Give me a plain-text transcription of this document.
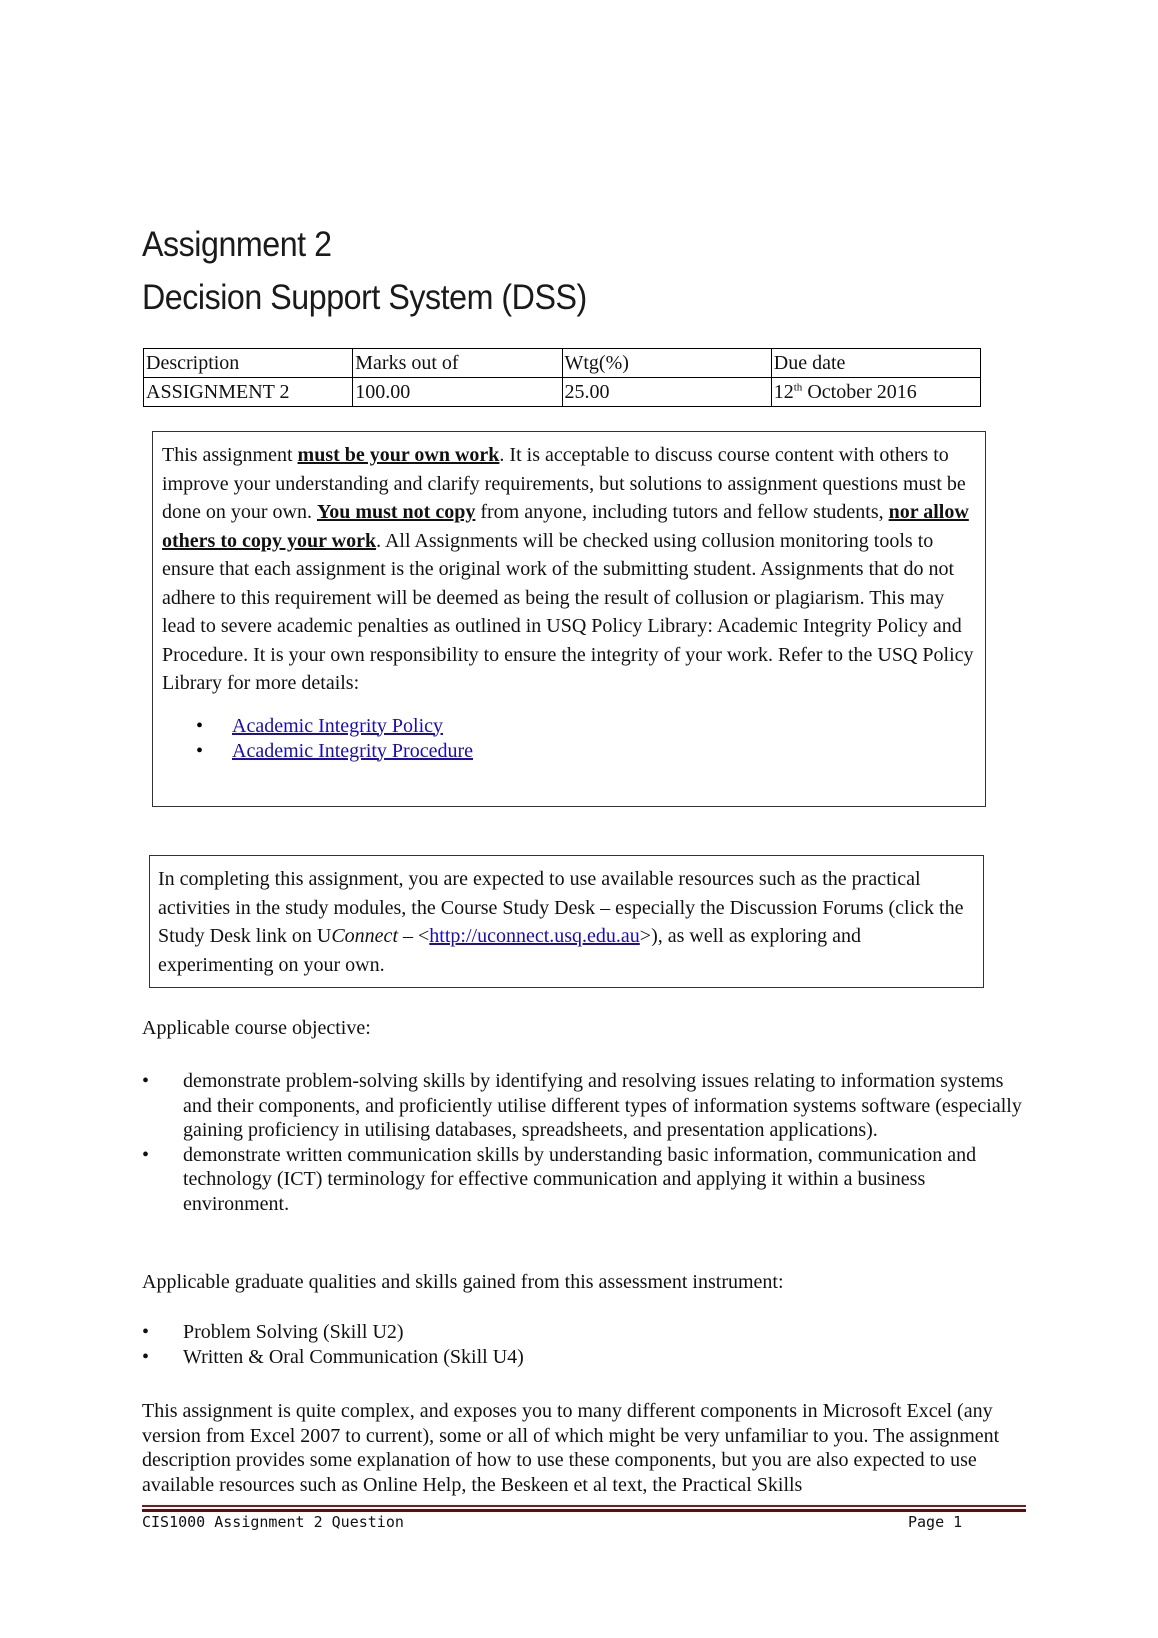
Assignment 2
Decision Support System (DSS)
Description	Marks out of	Wtg(%)	Due date
ASSIGNMENT 2	100.00	25.00	12th October 2016

This assignment must be your own work. It is acceptable to discuss course content with others to improve your understanding and clarify requirements, but solutions to assignment questions must be done on your own. You must not copy from anyone, including tutors and fellow students, nor allow others to copy your work. All Assignments will be checked using collusion monitoring tools to ensure that each assignment is the original work of the submitting student. Assignments that do not adhere to this requirement will be deemed as being the result of collusion or plagiarism. This may lead to severe academic penalties as outlined in USQ Policy Library: Academic Integrity Policy and Procedure. It is your own responsibility to ensure the integrity of your work. Refer to the USQ Policy Library for more details:

• Academic Integrity Policy
• Academic Integrity Procedure

In completing this assignment, you are expected to use available resources such as the practical activities in the study modules, the Course Study Desk – especially the Discussion Forums (click the Study Desk link on UConnect – <http://uconnect.usq.edu.au>), as well as exploring and experimenting on your own.

Applicable course objective:

• demonstrate problem-solving skills by identifying and resolving issues relating to information systems and their components, and proficiently utilise different types of information systems software (especially gaining proficiency in utilising databases, spreadsheets, and presentation applications).
• demonstrate written communication skills by understanding basic information, communication and technology (ICT) terminology for effective communication and applying it within a business environment.

Applicable graduate qualities and skills gained from this assessment instrument:

• Problem Solving (Skill U2)
• Written & Oral Communication (Skill U4)

This assignment is quite complex, and exposes you to many different components in Microsoft Excel (any version from Excel 2007 to current), some or all of which might be very unfamiliar to you. The assignment description provides some explanation of how to use these components, but you are also expected to use available resources such as Online Help, the Beskeen et al text, the Practical Skills

CIS1000 Assignment 2 Question	Page 1
